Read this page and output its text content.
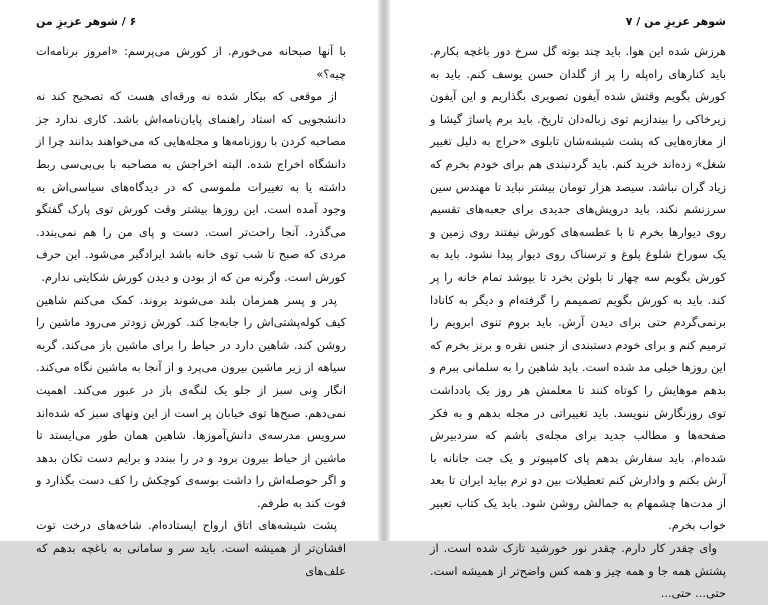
۶ / شوهر عزیزِ من

با آنها صبحانه می‌خورم. از کورش می‌پرسم: «امروز برنامه‌ات چیه؟»

از موقعی که بیکار شده نه ورقه‌ای هست که تصحیح کند نه دانشجویی که استاد راهنمای پایان‌نامه‌اش باشد. کاری ندارد جز مصاحبه کردن با روزنامه‌ها و مجله‌هایی که می‌خواهند بدانند چرا از دانشگاه اخراج شده. البته اخراجش به مصاحبه با بی‌بی‌سی ربط داشته یا به تغییرات ملموسی که در دیدگاه‌های سیاسی‌اش به وجود آمده است. این روزها بیشتر وقت کورش توی پارک گفتگو می‌گذرد. آنجا راحت‌تر است. دست و پای من را هم نمی‌بندد. مردی که صبح تا شب توی خانه باشد ایرادگیر می‌شود. این حرف کورش است. وگرنه من که از بودن و دیدن کورش شکایتی ندارم.

پدر و پسر همزمان بلند می‌شوند بروند. کمک می‌کنم شاهین کیف کوله‌پشتی‌اش را جابه‌جا کند. کورش زودتر می‌رود ماشین را روشن کند. شاهین دارد در حیاط را برای ماشین باز می‌کند. گربه سیاهه از زیر ماشین بیرون می‌پرد و از آنجا به ماشین نگاه می‌کند. انگار وِنی سبز از جلو یک لنگه‌ی باز در عبور می‌کند. اهمیت نمی‌دهم. صبح‌ها توی خیابان پر است از این ونهای سبز که شده‌اند سرویس مدرسه‌ی دانش‌آموزها. شاهین همان طور می‌ایستد تا ماشین از حیاط بیرون برود و در را ببندد و برایم دست تکان بدهد و اگر حوصله‌اش را داشت بوسه‌ی کوچکش را کف دست بگذارد و فوت کند به طرفم.

پشت شیشه‌های اتاق ارواح ایستاده‌ام. شاخه‌های درخت توت افشان‌تر از همیشه است. باید سر و سامانی به باغچه بدهم که علف‌های

شوهر عزیزِ من / ۷

هرزش شده این هوا. باید چند بوته گل سرخ دور باغچه بکارم. باید کنارهای راه‌پله را پر از گلدان حسن یوسف کنم. باید به کورش بگویم وقتش شده آیفون تصویری بگذاریم و این آیفون زیرخاکی را بیندازیم توی زباله‌دان تاریخ. باید برم پاساژ گیشا و از مغازه‌هایی که پشت شیشه‌شان تابلوی «حراج به دلیل تغییر شغل» زده‌اند خرید کنم. باید گردنبندی هم برای خودم بخرم که زیاد گران نباشد. سیصد هزار تومان بیشتر نباید تا مهندس سین سرزنشم نکند. باید درویش‌های جدیدی برای جعبه‌های تقسیم روی دیوارها بخرم تا با عطسه‌های کورش نیفتند روی زمین و یک سوراخ شلوغ پلوغ و ترسناک روی دیوار پیدا نشود. باید به کورش بگویم سه چهار تا بلوئن بخرد تا بپوشد تمام خانه را پر کند. باید به کورش بگویم تصمیمم را گرفته‌ام و دیگر به کانادا برنمی‌گردم حتی برای دیدن آرش. باید بروم تنوی ابرویم را ترمیم کنم و برای خودم دستبندی از جنس نقره و برنز بخرم که این روزها خیلی مد شده است. باید شاهین را به سلمانی ببرم و بدهم موهایش را کوتاه کنند تا معلمش هر روز یک یادداشت توی روزنگارش ننویسد. باید تغییراتی در مجله بدهم و به فکر صفحه‌ها و مطالب جدید برای مجله‌ی باشم که سردبیرش شده‌ام. باید سفارش بدهم پای کامپیوتر و یک جت جانانه با آرش بکنم و وادارش کنم تعطیلات بین دو ترم بیاید ایران تا بعد از مدت‌ها چشمهام به جمالش روشن شود. باید یک کتاب تعبیر خواب بخرم.

وای چقدر کار دارم. چقدر نور خورشید تازک شده است. از پشتش همه جا و همه چیز و همه کس واضح‌تر از همیشه است. حتی... حتی...
